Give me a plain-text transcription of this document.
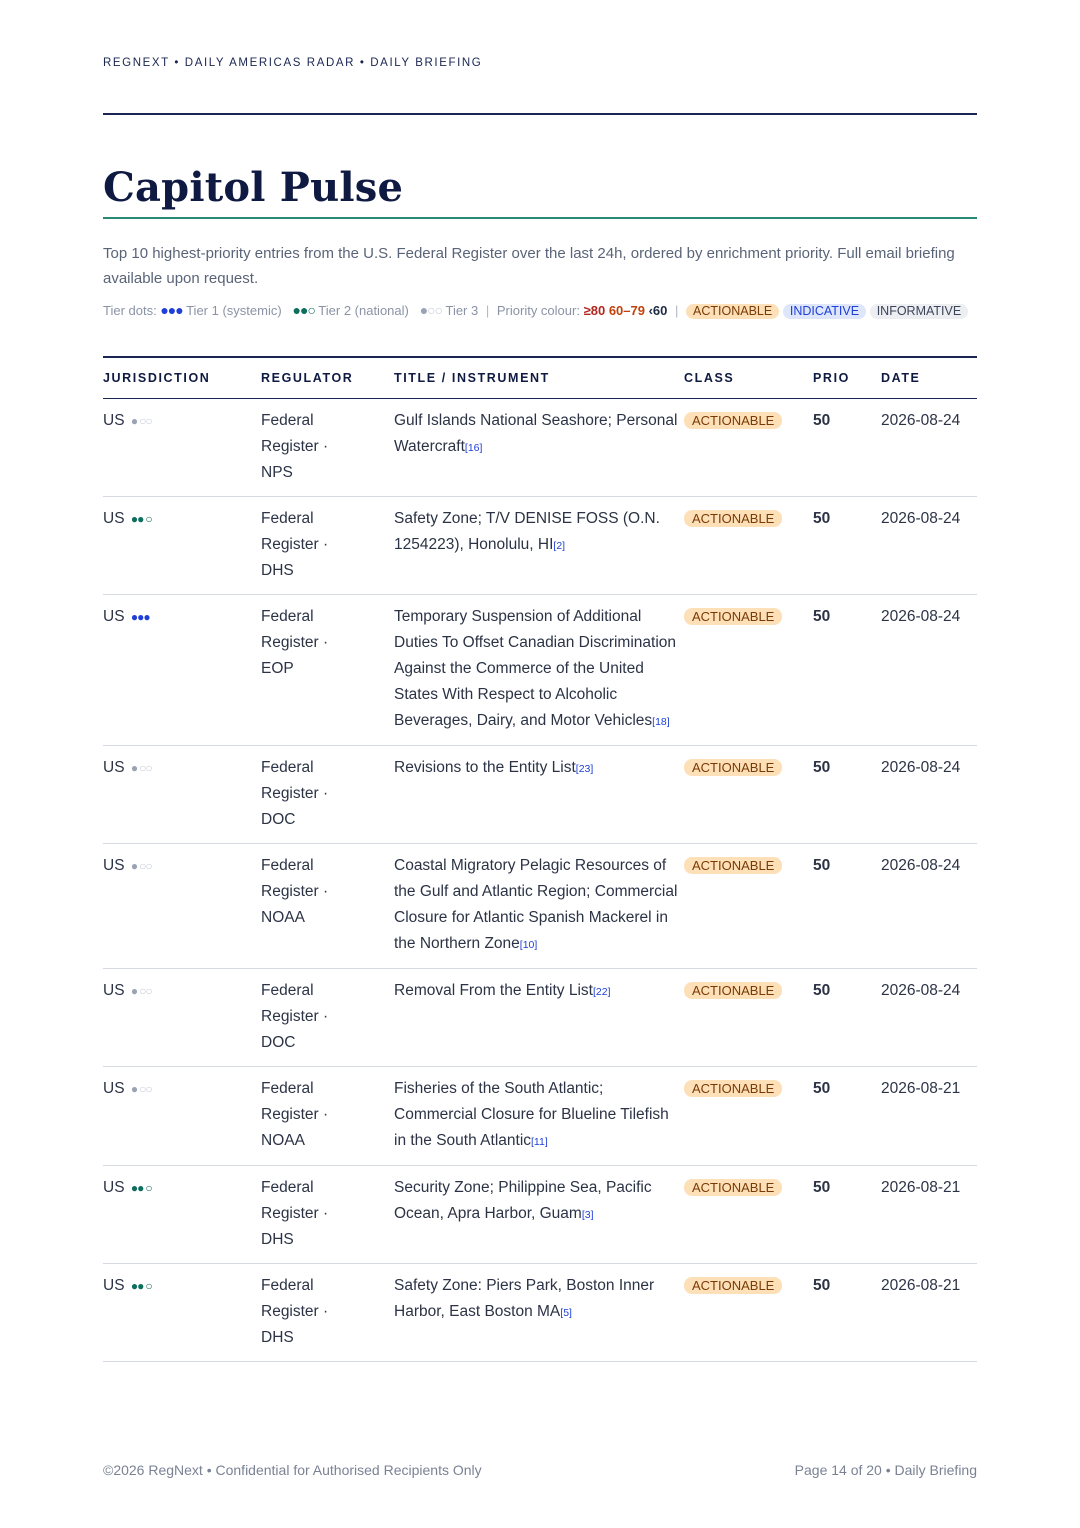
REGNEXT • DAILY AMERICAS RADAR • DAILY BRIEFING
Capitol Pulse
Top 10 highest-priority entries from the U.S. Federal Register over the last 24h, ordered by enrichment priority. Full email briefing available upon request.
Tier dots: ●●● Tier 1 (systemic) ●●○ Tier 2 (national) ●○○ Tier 3 | Priority colour: ≥80 60–79 ‹60 | ACTIONABLE INDICATIVE INFORMATIVE
JURISDICTION	REGULATOR	TITLE / INSTRUMENT	CLASS	PRIO	DATE
US ● ○○	Federal
Register ·
NPS	Gulf Islands National Seashore; Personal Watercraft[16]	ACTIONABLE	50	2026-08-24
US ●● ○	Federal
Register ·
DHS	Safety Zone; T/V DENISE FOSS (O.N. 1254223), Honolulu, HI[2]	ACTIONABLE	50	2026-08-24
US ●●●	Federal
Register ·
EOP	Temporary Suspension of Additional Duties To Offset Canadian Discrimination Against the Commerce of the United States With Respect to Alcoholic Beverages, Dairy, and Motor Vehicles[18]	ACTIONABLE	50	2026-08-24
US ● ○○	Federal
Register ·
DOC	Revisions to the Entity List[23]	ACTIONABLE	50	2026-08-24
US ● ○○	Federal
Register ·
NOAA	Coastal Migratory Pelagic Resources of the Gulf and Atlantic Region; Commercial Closure for Atlantic Spanish Mackerel in the Northern Zone[10]	ACTIONABLE	50	2026-08-24
US ● ○○	Federal
Register ·
DOC	Removal From the Entity List[22]	ACTIONABLE	50	2026-08-24
US ● ○○	Federal
Register ·
NOAA	Fisheries of the South Atlantic; Commercial Closure for Blueline Tilefish in the South Atlantic[11]	ACTIONABLE	50	2026-08-21
US ●● ○	Federal
Register ·
DHS	Security Zone; Philippine Sea, Pacific Ocean, Apra Harbor, Guam[3]	ACTIONABLE	50	2026-08-21
US ●● ○	Federal
Register ·
DHS	Safety Zone: Piers Park, Boston Inner Harbor, East Boston MA[5]	ACTIONABLE	50	2026-08-21
©2026 RegNext • Confidential for Authorised Recipients Only	Page 14 of 20 • Daily Briefing
